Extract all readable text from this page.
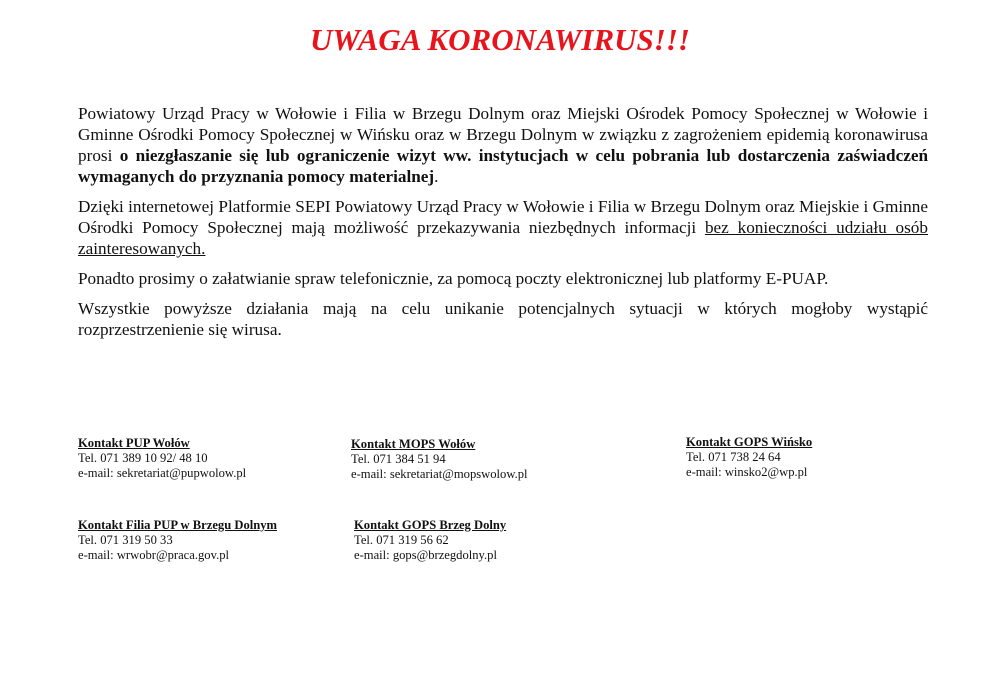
UWAGA KORONAWIRUS!!!

Powiatowy Urząd Pracy w Wołowie i Filia w Brzegu Dolnym oraz Miejski Ośrodek Pomocy Społecznej w Wołowie i Gminne Ośrodki Pomocy Społecznej w Wińsku oraz w Brzegu Dolnym w związku z zagrożeniem epidemią koronawirusa prosi o niezgłaszanie się lub ograniczenie wizyt ww. instytucjach w celu pobrania lub dostarczenia zaświadczeń wymaganych do przyznania pomocy materialnej.

Dzięki internetowej Platformie SEPI Powiatowy Urząd Pracy w Wołowie i Filia w Brzegu Dolnym oraz Miejskie i Gminne Ośrodki Pomocy Społecznej mają możliwość przekazywania niezbędnych informacji bez konieczności udziału osób zainteresowanych.

Ponadto prosimy o załatwianie spraw telefonicznie, za pomocą poczty elektronicznej lub platformy E-PUAP.

Wszystkie powyższe działania mają na celu unikanie potencjalnych sytuacji w których mogłoby wystąpić rozprzestrzenienie się wirusa.

Kontakt PUP Wołów
Tel. 071 389 10 92/ 48 10
e-mail: sekretariat@pupwolow.pl
Kontakt MOPS Wołów
Tel. 071 384 51 94
e-mail: sekretariat@mopswolow.pl
Kontakt GOPS Wińsko
Tel. 071 738 24 64
e-mail: winsko2@wp.pl
Kontakt Filia PUP w Brzegu Dolnym
Tel. 071 319 50 33
e-mail: wrwobr@praca.gov.pl
Kontakt GOPS Brzeg Dolny
Tel. 071 319 56 62
e-mail: gops@brzegdolny.pl
